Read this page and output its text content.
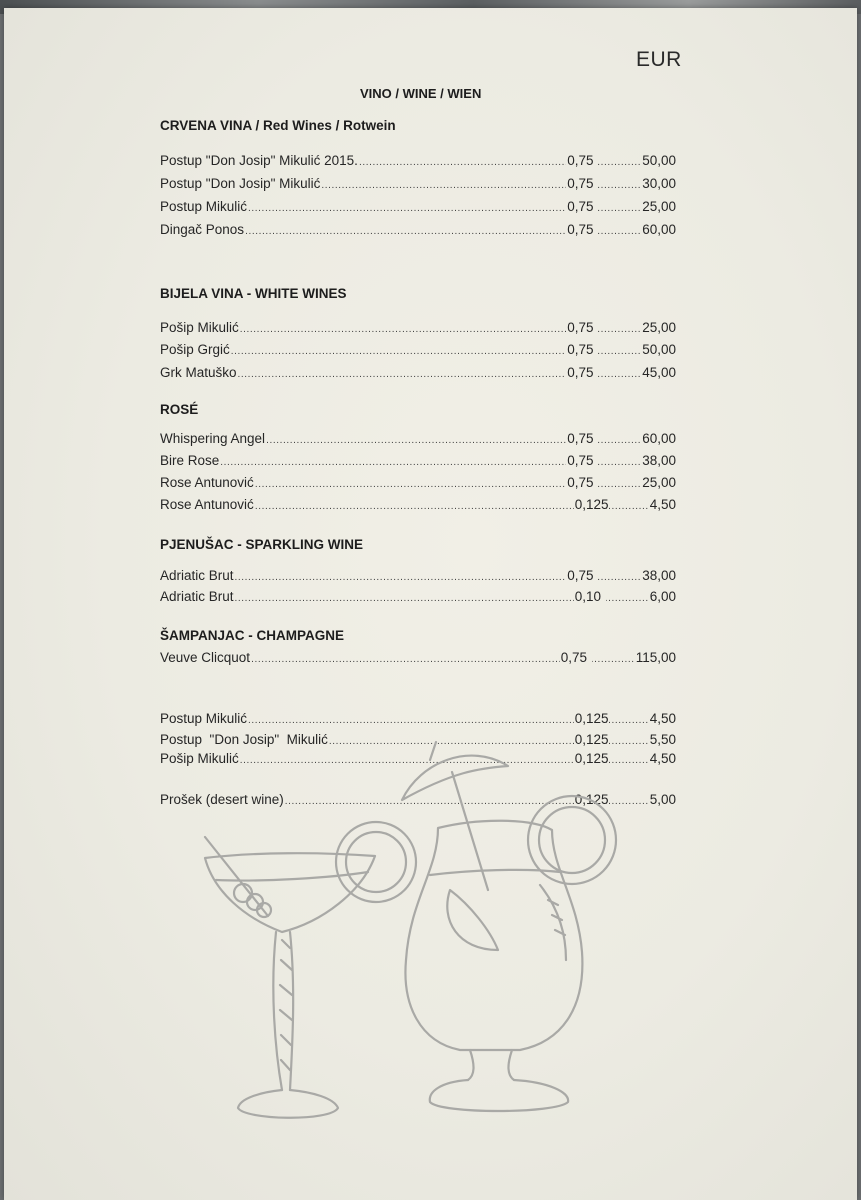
EUR
VINO / WINE / WIEN
CRVENA VINA / Red Wines / Rotwein
BIJELA VINA - WHITE WINES
ROSÉ
PJENUŠAC - SPARKLING WINE
ŠAMPANJAC - CHAMPAGNE
Postup "Don Josip" Mikulić 2015. .....	0,75 .....	50,00
Postup "Don Josip" Mikulić .....	0,75 .....	30,00
Postup Mikulić .....	0,75 .....	25,00
Dingač Ponos .....	0,75 .....	60,00
Pošip Mikulić .....	0,75 .....	25,00
Pošip Grgić .....	0,75 .....	50,00
Grk Matuško .....	0,75 .....	45,00
Whispering Angel .....	0,75 .....	60,00
Bire Rose .....	0,75 .....	38,00
Rose Antunović .....	0,75 .....	25,00
Rose Antunović .....	0,125 .....	4,50
Adriatic Brut .....	0,75 .....	38,00
Adriatic Brut .....	0,10 .....	6,00
Veuve Clicquot .....	0,75 .....	115,00
Postup Mikulić .....	0,125 .....	4,50
Postup  "Don Josip"  Mikulić .....	0,125 .....	5,50
Pošip Mikulić .....	0,125 .....	4,50
Prošek (desert wine) .....	0,125 .....	5,00
